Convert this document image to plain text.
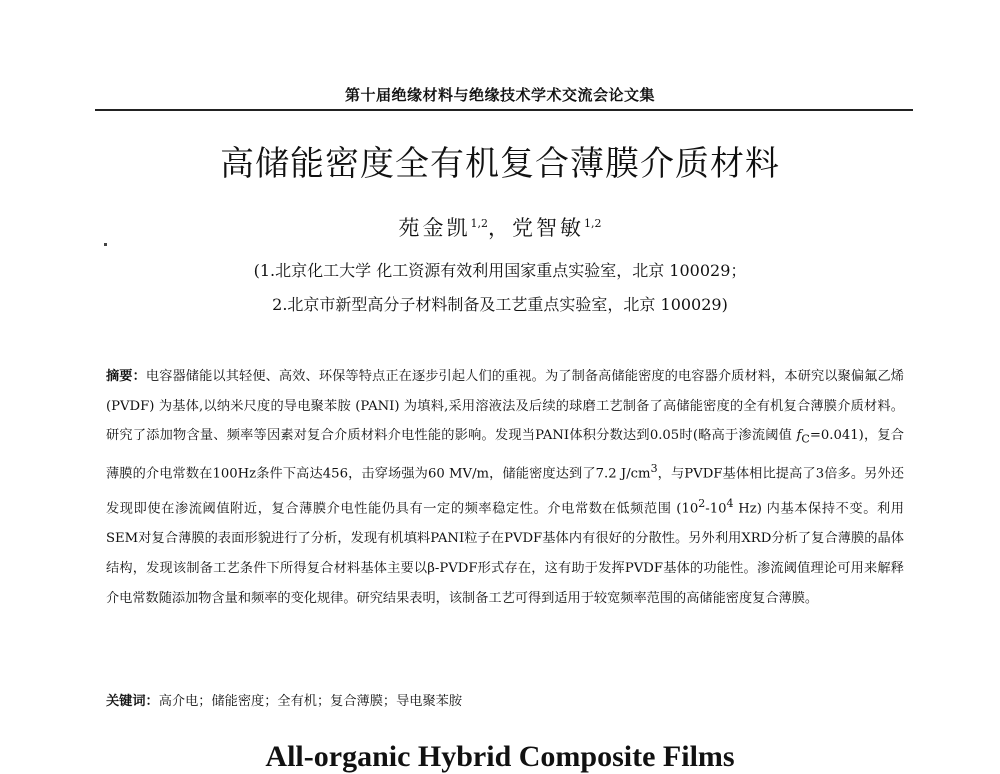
第十届绝缘材料与绝缘技术学术交流会论文集
高储能密度全有机复合薄膜介质材料
苑金凯$^{1,2}$，党智敏$^{1,2}$
(1.北京化工大学 化工资源有效利用国家重点实验室，北京 100029；
2.北京市新型高分子材料制备及工艺重点实验室，北京 100029)
摘要：电容器储能以其轻便、高效、环保等特点正在逐步引起人们的重视。为了制备高储能密度的电容器介质材料，本研究以聚偏氟乙烯 (PVDF) 为基体,以纳米尺度的导电聚苯胺 (PANI) 为填料,采用溶液法及后续的球磨工艺制备了高储能密度的全有机复合薄膜介质材料。研究了添加物含量、频率等因素对复合介质材料介电性能的影响。发现当PANI体积分数达到0.05时(略高于渗流阈值 $f_C=0.041$)，复合薄膜的介电常数在100Hz条件下高达456，击穿场强为60 MV/m，储能密度达到了7.2 $J/cm^3$，与PVDF基体相比提高了3倍多。另外还发现即使在渗流阈值附近，复合薄膜介电性能仍具有一定的频率稳定性。介电常数在低频范围 ($10^2-10^4$ Hz) 内基本保持不变。利用SEM对复合薄膜的表面形貌进行了分析，发现有机填料PANI粒子在PVDF基体内有很好的分散性。另外利用XRD分析了复合薄膜的晶体结构，发现该制备工艺条件下所得复合材料基体主要以β-PVDF形式存在，这有助于发挥PVDF基体的功能性。渗流阈值理论可用来解释介电常数随添加物含量和频率的变化规律。研究结果表明，该制备工艺可得到适用于较宽频率范围的高储能密度复合薄膜。
关键词：高介电；储能密度；全有机；复合薄膜；导电聚苯胺
All-organic Hybrid Composite Films
